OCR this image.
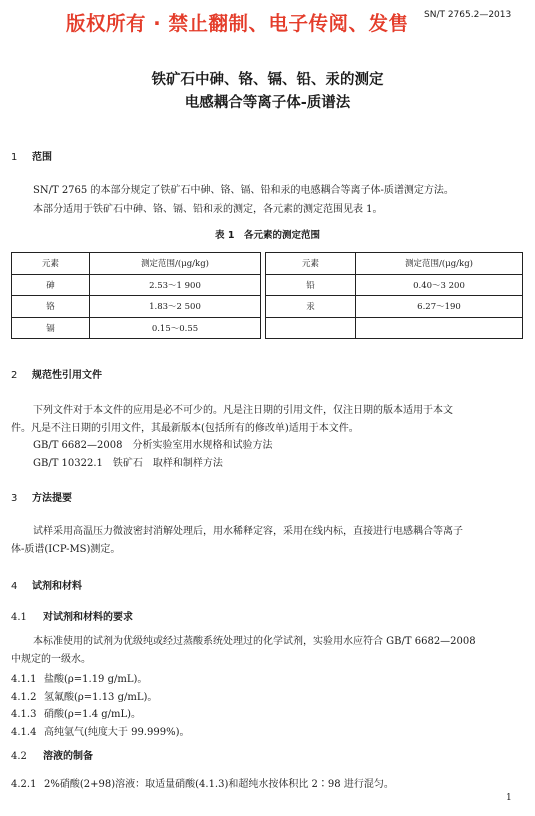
版权所有 · 禁止翻制、电子传阅、发售 SN/T 2765.2—2013
铁矿石中砷、铬、镉、铅、汞的测定
电感耦合等离子体-质谱法
1 范围
SN/T 2765 的本部分规定了铁矿石中砷、铬、镉、铅和汞的电感耦合等离子体-质谱测定方法。
本部分适用于铁矿石中砷、铬、镉、铅和汞的测定，各元素的测定范围见表 1。
表 1　各元素的测定范围
元素	测定范围/(μg/kg)		元素	测定范围/(μg/kg)
砷	2.53～1 900		铅	0.40～3 200
铬	1.83～2 500		汞	6.27～190
镉	0.15～0.55			
2 规范性引用文件
下列文件对于本文件的应用是必不可少的。凡是注日期的引用文件，仅注日期的版本适用于本文
件。凡是不注日期的引用文件，其最新版本(包括所有的修改单)适用于本文件。
GB/T 6682—2008　分析实验室用水规格和试验方法
GB/T 10322.1　铁矿石　取样和制样方法
3 方法提要
试样采用高温压力微波密封消解处理后，用水稀释定容，采用在线内标，直接进行电感耦合等离子
体-质谱(ICP-MS)测定。
4 试剂和材料
4.1 对试剂和材料的要求
本标准使用的试剂为优级纯或经过蒸酸系统处理过的化学试剂，实验用水应符合 GB/T 6682—2008
中规定的一级水。
4.1.1 盐酸(ρ=1.19 g/mL)。
4.1.2 氢氟酸(ρ=1.13 g/mL)。
4.1.3 硝酸(ρ=1.4 g/mL)。
4.1.4 高纯氩气(纯度大于 99.999%)。
4.2 溶液的制备
4.2.1 2%硝酸(2+98)溶液：取适量硝酸(4.1.3)和超纯水按体积比 2∶98 进行混匀。
1
